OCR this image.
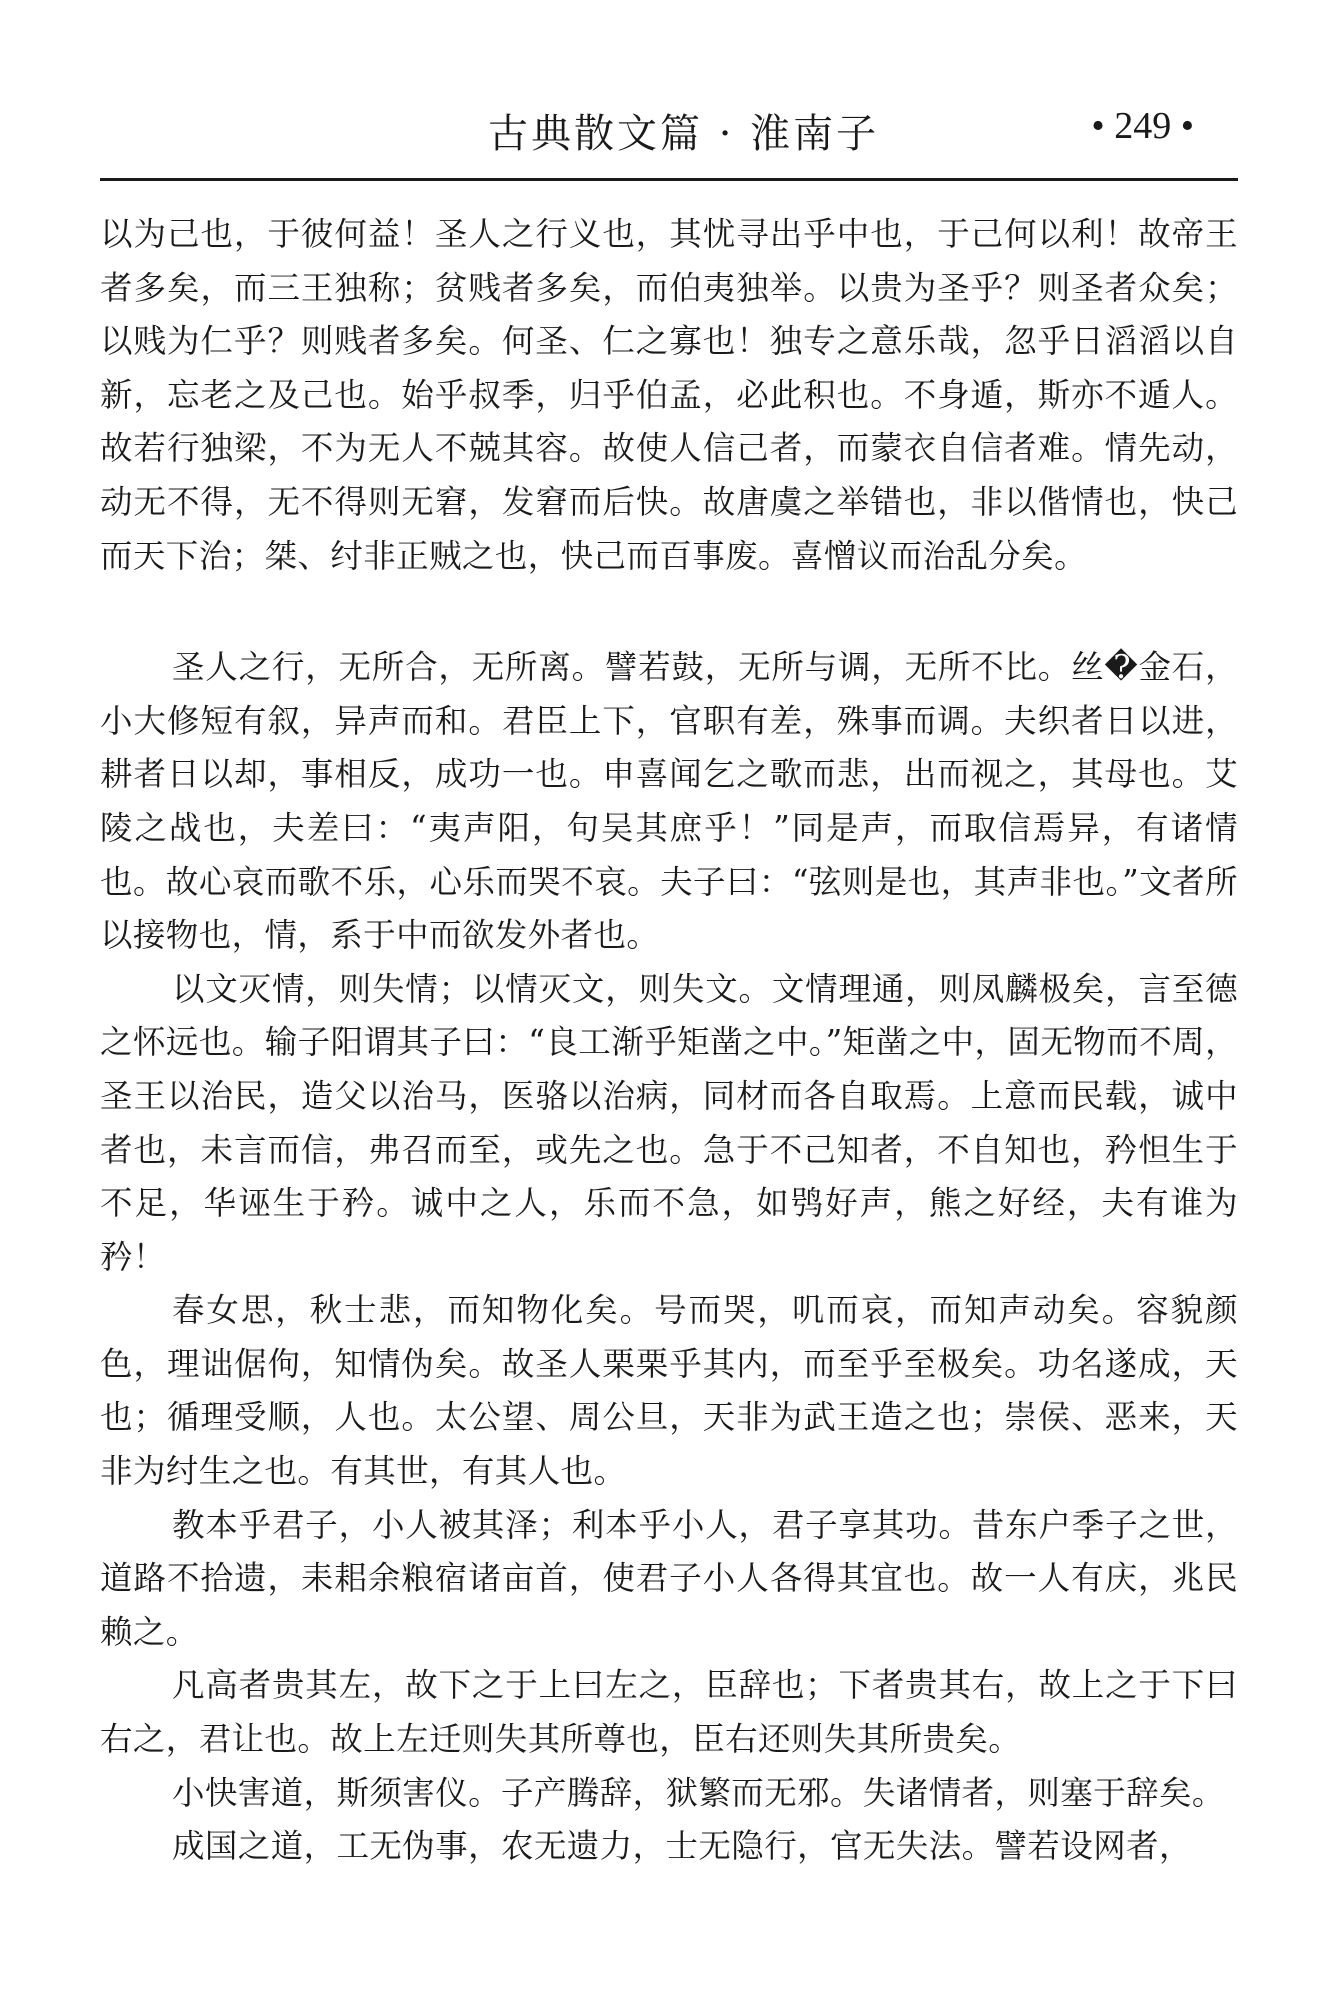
古典散文篇 · 淮南子	• 249 •

以为己也，于彼何益！圣人之行义也，其忧寻出乎中也，于己何以利！故帝王者多矣，而三王独称；贫贱者多矣，而伯夷独举。以贵为圣乎？则圣者众矣；以贱为仁乎？则贱者多矣。何圣、仁之寡也！独专之意乐哉，忽乎日滔滔以自新，忘老之及己也。始乎叔季，归乎伯孟，必此积也。不身遁，斯亦不遁人。故若行独梁，不为无人不兢其容。故使人信己者，而蒙衣自信者难。情先动，动无不得，无不得则无窘，发窘而后快。故唐虞之举错也，非以偕情也，快己而天下治；桀、纣非正贼之也，快己而百事废。喜憎议而治乱分矣。

圣人之行，无所合，无所离。譬若鼓，无所与调，无所不比。丝�金石，小大修短有叙，异声而和。君臣上下，官职有差，殊事而调。夫织者日以进，耕者日以却，事相反，成功一也。申喜闻乞之歌而悲，出而视之，其母也。艾陵之战也，夫差曰：“夷声阳，句吴其庶乎！”同是声，而取信焉异，有诸情也。故心哀而歌不乐，心乐而哭不哀。夫子曰：“弦则是也，其声非也。”文者所以接物也，情，系于中而欲发外者也。

以文灭情，则失情；以情灭文，则失文。文情理通，则凤麟极矣，言至德之怀远也。输子阳谓其子曰：“良工渐乎矩凿之中。”矩凿之中，固无物而不周，圣王以治民，造父以治马，医骆以治病，同材而各自取焉。上意而民载，诚中者也，未言而信，弗召而至，或先之也。急于不己知者，不自知也，矜怛生于不足，华诬生于矜。诚中之人，乐而不急，如鸮好声，熊之好经，夫有谁为矜！

春女思，秋士悲，而知物化矣。号而哭，叽而哀，而知声动矣。容貌颜色，理诎倨佝，知情伪矣。故圣人栗栗乎其内，而至乎至极矣。功名遂成，天也；循理受顺，人也。太公望、周公旦，天非为武王造之也；崇侯、恶来，天非为纣生之也。有其世，有其人也。

教本乎君子，小人被其泽；利本乎小人，君子享其功。昔东户季子之世，道路不拾遗，耒耜余粮宿诸亩首，使君子小人各得其宜也。故一人有庆，兆民赖之。

凡高者贵其左，故下之于上曰左之，臣辞也；下者贵其右，故上之于下曰右之，君让也。故上左迁则失其所尊也，臣右还则失其所贵矣。

小快害道，斯须害仪。子产腾辞，狱繁而无邪。失诸情者，则塞于辞矣。

成国之道，工无伪事，农无遗力，士无隐行，官无失法。譬若设网者，
